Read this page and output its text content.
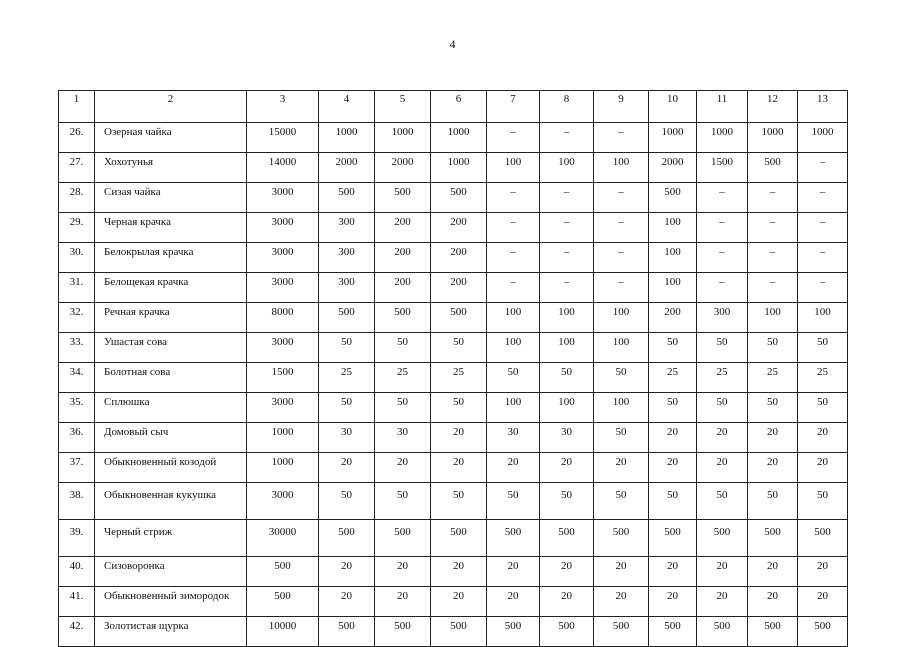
4
1	2	3	4	5	6	7	8	9	10	11	12	13
26.	Озерная чайка	15000	1000	1000	1000	–	–	–	1000	1000	1000	1000
27.	Хохотунья	14000	2000	2000	1000	100	100	100	2000	1500	500	–
28.	Сизая чайка	3000	500	500	500	–	–	–	500	–	–	–
29.	Черная крачка	3000	300	200	200	–	–	–	100	–	–	–
30.	Белокрылая крачка	3000	300	200	200	–	–	–	100	–	–	–
31.	Белощекая крачка	3000	300	200	200	–	–	–	100	–	–	–
32.	Речная крачка	8000	500	500	500	100	100	100	200	300	100	100
33.	Ушастая сова	3000	50	50	50	100	100	100	50	50	50	50
34.	Болотная сова	1500	25	25	25	50	50	50	25	25	25	25
35.	Сплюшка	3000	50	50	50	100	100	100	50	50	50	50
36.	Домовый сыч	1000	30	30	20	30	30	50	20	20	20	20
37.	Обыкновенный козодой	1000	20	20	20	20	20	20	20	20	20	20
38.	Обыкновенная кукушка	3000	50	50	50	50	50	50	50	50	50	50
39.	Черный стриж	30000	500	500	500	500	500	500	500	500	500	500
40.	Сизоворонка	500	20	20	20	20	20	20	20	20	20	20
41.	Обыкновенный зимородок	500	20	20	20	20	20	20	20	20	20	20
42.	Золотистая щурка	10000	500	500	500	500	500	500	500	500	500	500
